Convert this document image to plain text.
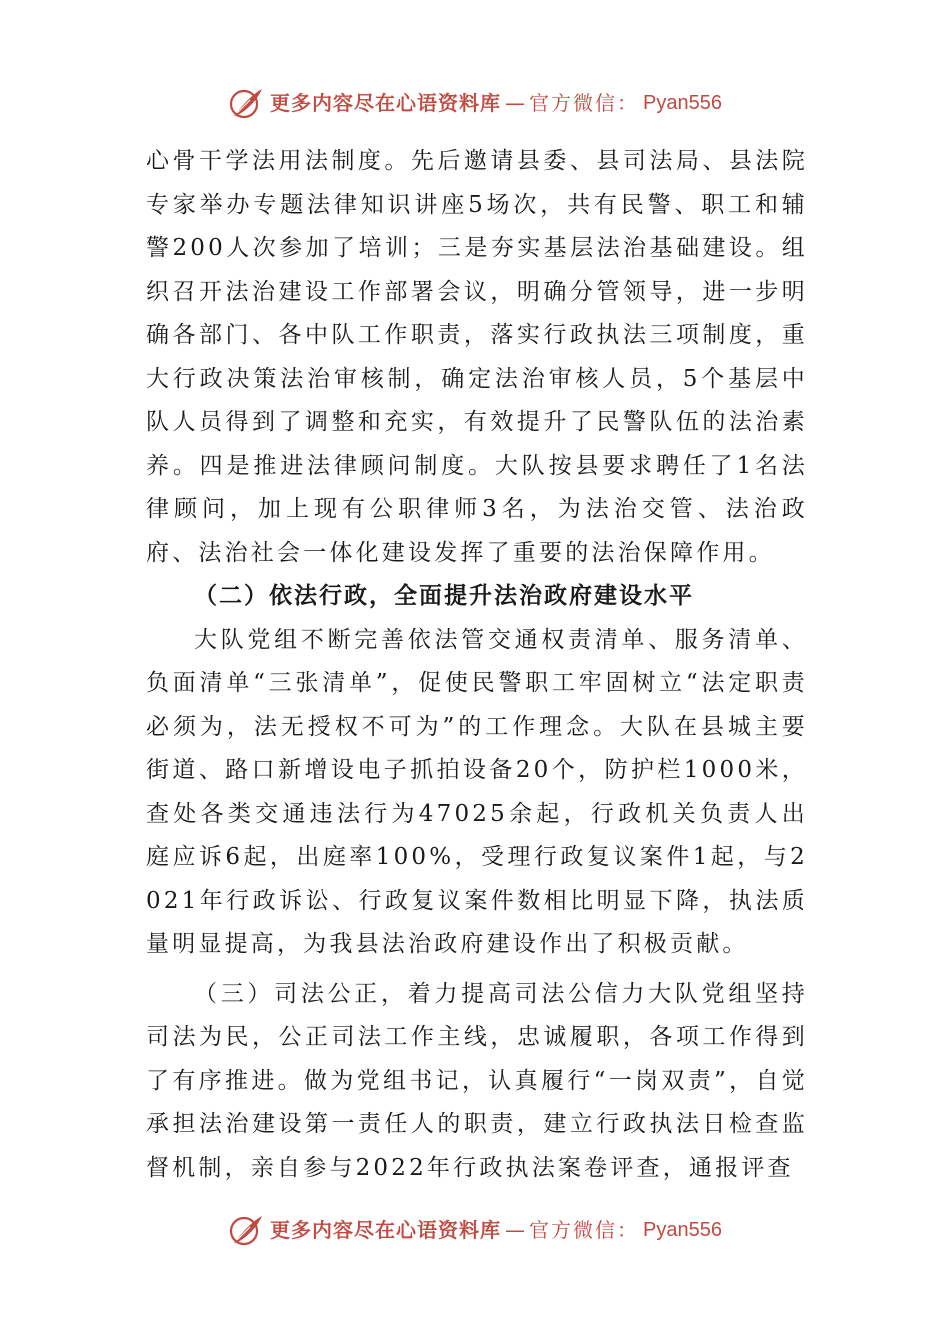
更多内容尽在心语资料库 — 官方微信： Pyan556

心骨干学法用法制度。先后邀请县委、县司法局、县法院专家举办专题法律知识讲座5场次，共有民警、职工和辅警200人次参加了培训；三是夯实基层法治基础建设。组织召开法治建设工作部署会议，明确分管领导，进一步明确各部门、各中队工作职责，落实行政执法三项制度，重大行政决策法治审核制，确定法治审核人员，5个基层中队人员得到了调整和充实，有效提升了民警队伍的法治素养。四是推进法律顾问制度。大队按县要求聘任了1名法律顾问，加上现有公职律师3名，为法治交管、法治政府、法治社会一体化建设发挥了重要的法治保障作用。

（二）依法行政，全面提升法治政府建设水平

大队党组不断完善依法管交通权责清单、服务清单、负面清单“三张清单”，促使民警职工牢固树立“法定职责必须为，法无授权不可为”的工作理念。大队在县城主要街道、路口新增设电子抓拍设备20个，防护栏1000米，查处各类交通违法行为47025余起，行政机关负责人出庭应诉6起，出庭率100%，受理行政复议案件1起，与2021年行政诉讼、行政复议案件数相比明显下降，执法质量明显提高，为我县法治政府建设作出了积极贡献。

（三）司法公正，着力提高司法公信力大队党组坚持司法为民，公正司法工作主线，忠诚履职，各项工作得到了有序推进。做为党组书记，认真履行“一岗双责”，自觉承担法治建设第一责任人的职责，建立行政执法日检查监督机制，亲自参与2022年行政执法案卷评查，通报评查

更多内容尽在心语资料库 — 官方微信： Pyan556
